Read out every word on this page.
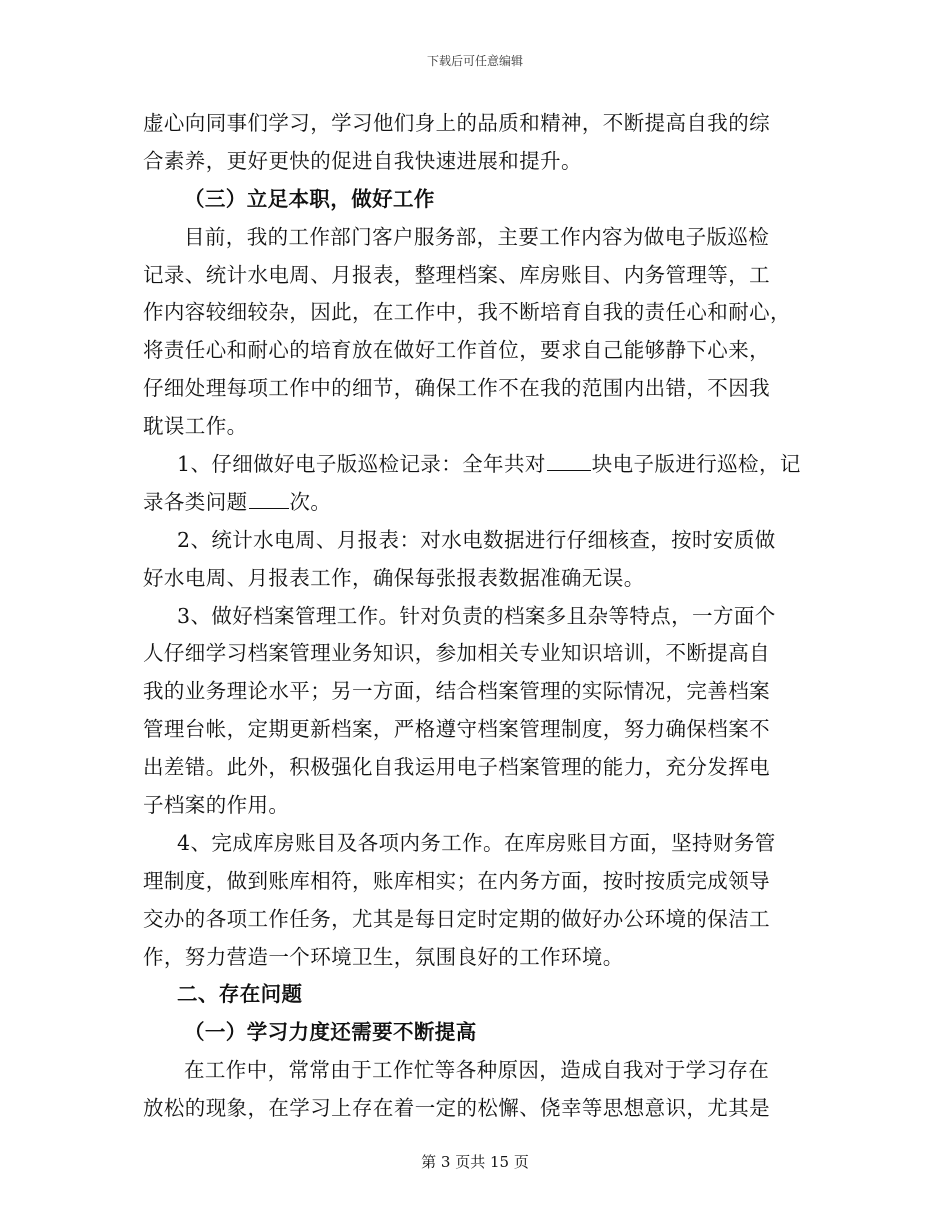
下载后可任意编辑
虚心向同事们学习，学习他们身上的品质和精神，不断提高自我的综
合素养，更好更快的促进自我快速进展和提升。
（三）立足本职，做好工作
目前，我的工作部门客户服务部，主要工作内容为做电子版巡检
记录、统计水电周、月报表，整理档案、库房账目、内务管理等，工
作内容较细较杂，因此，在工作中，我不断培育自我的责任心和耐心，
将责任心和耐心的培育放在做好工作首位，要求自己能够静下心来，
仔细处理每项工作中的细节，确保工作不在我的范围内出错，不因我
耽误工作。
1、仔细做好电子版巡检记录：全年共对 块电子版进行巡检，记
录各类问题 次。
2、统计水电周、月报表：对水电数据进行仔细核查，按时安质做
好水电周、月报表工作，确保每张报表数据准确无误。
3、做好档案管理工作。针对负责的档案多且杂等特点，一方面个
人仔细学习档案管理业务知识，参加相关专业知识培训，不断提高自
我的业务理论水平；另一方面，结合档案管理的实际情况，完善档案
管理台帐，定期更新档案，严格遵守档案管理制度，努力确保档案不
出差错。此外，积极强化自我运用电子档案管理的能力，充分发挥电
子档案的作用。
4、完成库房账目及各项内务工作。在库房账目方面，坚持财务管
理制度，做到账库相符，账库相实；在内务方面，按时按质完成领导
交办的各项工作任务，尤其是每日定时定期的做好办公环境的保洁工
作，努力营造一个环境卫生，氛围良好的工作环境。
二、存在问题
（一）学习力度还需要不断提高
在工作中，常常由于工作忙等各种原因，造成自我对于学习存在
放松的现象，在学习上存在着一定的松懈、侥幸等思想意识，尤其是
第 3 页共 15 页
